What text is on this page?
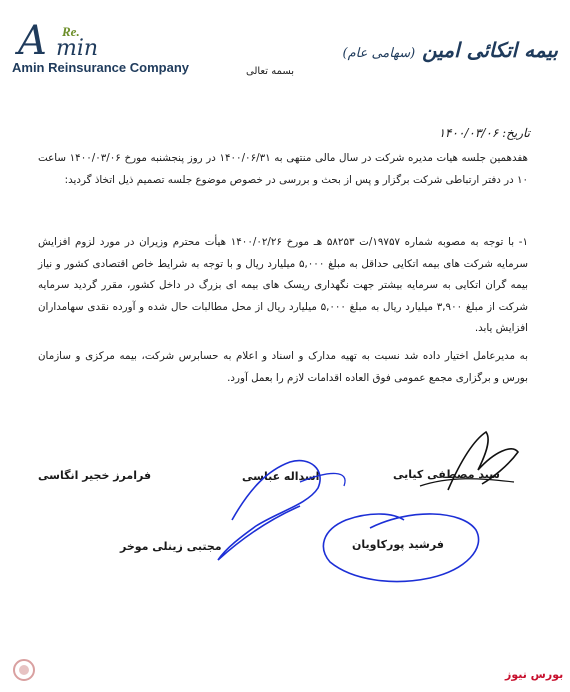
A Re.
min
Amin Reinsurance Company
بیمه اتکائی امین (سهامی عام)
بسمه تعالی
تاریخ: ۱۴۰۰/۰۳/۰۶
هفدهمین جلسه هیات مدیره شرکت در سال مالی منتهی به ۱۴۰۰/۰۶/۳۱ در روز پنجشنبه مورخ ۱۴۰۰/۰۳/۰۶ ساعت ۱۰ در دفتر ارتباطی شرکت برگزار و پس از بحث و بررسی در خصوص موضوع جلسه تصمیم ذیل اتخاذ گردید:
۱- با توجه به مصوبه شماره ۱۹۷۵۷/ت ۵۸۲۵۳ هـ مورخ ۱۴۰۰/۰۲/۲۶ هیأت محترم وزیران در مورد لزوم افزایش سرمایه شرکت های بیمه اتکایی حداقل به مبلغ ۵,۰۰۰ میلیارد ریال و با توجه به شرایط خاص اقتصادی کشور و نیاز بیمه گران اتکایی به سرمایه بیشتر جهت نگهداری ریسک های بیمه ای بزرگ در داخل کشور، مقرر گردید سرمایه شرکت از مبلغ ۳,۹۰۰ میلیارد ریال به مبلغ ۵,۰۰۰ میلیارد ریال از محل مطالبات حال شده و آورده نقدی سهامداران افزایش یابد.
به مدیرعامل اختیار داده شد نسبت به تهیه مدارک و اسناد و اعلام به حسابرس شرکت، بیمه مرکزی و سازمان بورس و برگزاری مجمع عمومی فوق العاده اقدامات لازم را بعمل آورد.
سید مصطفی کیایی
اسداله عباسی
فرامرز خجیر انگاسی
فرشید پورکاویان
مجتبی زینلی موخر
بورس نیوز
